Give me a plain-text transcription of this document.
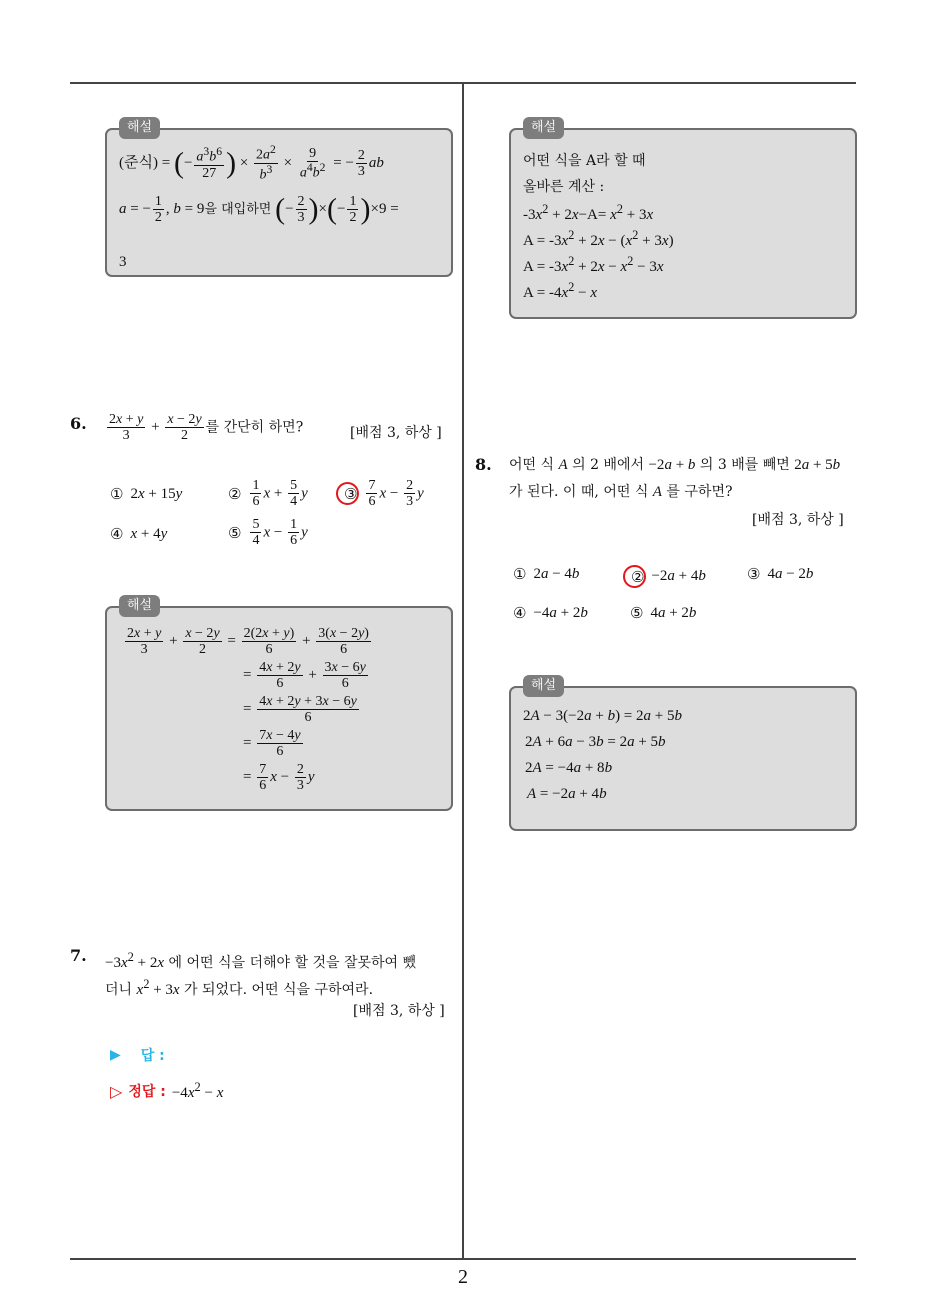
2
해설
(준식) = (− $\frac{a^3b^6}{27}$ ) × $\frac{2a^2}{b^3} \times \frac{9}{a^4b^2}$ = − $\frac{2}{3}$ ab
a = − $\frac{1}{2}$ , b = 9을 대입하면 (− $\frac{2}{3}$ )×(− $\frac{1}{2} )\times 9$ =
3
6. $\frac{2x + y}{3} + \frac{x - 2y}{2}$ 를 간단히 하면?	[배점 3, 하상 ]
① 2x + 15y	② $\frac{1}{6}$ $x + \frac{5}{4}$ y ③ $\frac{7}{6}$ $x - \frac{2}{3}$ y
④ x + 4y	⑤ $\frac{5}{4}$ $x - \frac{1}{6}$ y
해설
$\frac{2x + y}{3} + \frac{x - 2y}{2} = \frac{2(2x + y)}{6} + \frac{3(x - 2y)}{6}$
= $\frac{4x + 2y}{6} + \frac{3x - 6y}{6}$
= $\frac{4x + 2y + 3x - 6y}{6}$
= $\frac{7x - 4y}{6}$
= $\frac{7}{6}$ $x - \frac{2}{3}$ y
7. $-3x^2 + 2x$ 에 어떤 식을 더해야 할 것을 잘못하여 뺐
더니 $x^2 + 3x$ 가 되었다. 어떤 식을 구하여라.
[배점 3, 하상 ]
▶ 답 :
▷ 정답 : $-4x^2 - x$
해설
어떤 식을 A라 할 때
올바른 계산 :
$-3x^2 + 2x-A= x^2 + 3x$
$A = -3x^2 + 2x - (x^2 + 3x)$
$A = -3x^2 + 2x - x^2 - 3x$
$A = -4x^2 - x$
8. 어떤 식 A 의 2 배에서 −2a + b 의 3 배를 빼면 2a + 5b
가 된다. 이 때, 어떤 식 A 를 구하면?
[배점 3, 하상 ]
① 2a − 4b	② −2a + 4b	③ 4a − 2b
④ −4a + 2b	⑤ 4a + 2b
해설
2A − 3(−2a + b) = 2a + 5b
2A + 6a − 3b = 2a + 5b
2A = −4a + 8b
A = −2a + 4b
